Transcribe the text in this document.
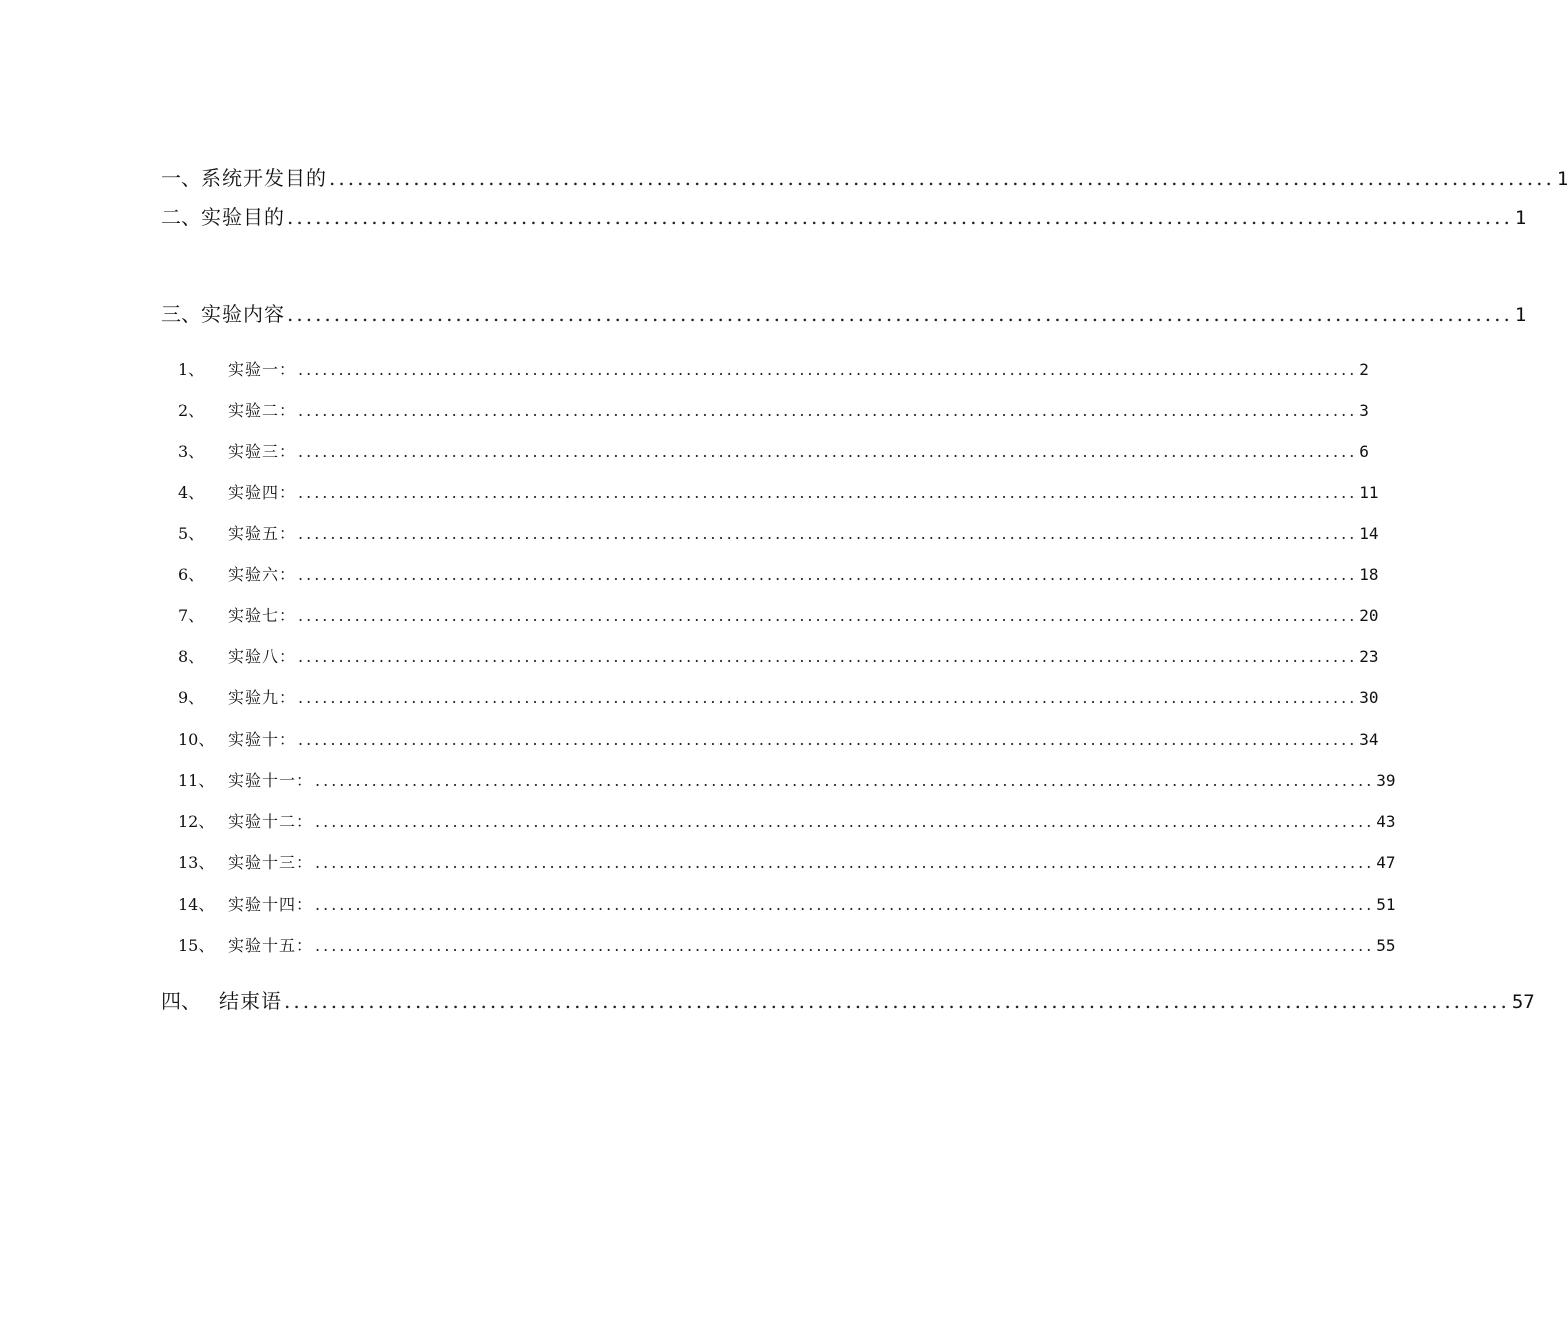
一、 系统开发目的 ................................................................................................................................... 1
二、 实验目的 ................................................................................................................................... 1
三、 实验内容 ................................................................................................................................... 1
1、	实验一： ................................................................................................................................... 2
2、	实验二： ................................................................................................................................... 3
3、	实验三： ................................................................................................................................... 6
4、	实验四： ................................................................................................................................... 11
5、	实验五： ................................................................................................................................... 14
6、	实验六： ................................................................................................................................... 18
7、	实验七： ................................................................................................................................... 20
8、	实验八： ................................................................................................................................... 23
9、	实验九： ................................................................................................................................... 30
10、 实验十： ................................................................................................................................... 34
11、 实验十一： ................................................................................................................................... 39
12、 实验十二： ................................................................................................................................... 43
13、 实验十三： ................................................................................................................................... 47
14、 实验十四： ................................................................................................................................... 51
15、 实验十五： ................................................................................................................................... 55
四、 结束语 ................................................................................................................................... 57
